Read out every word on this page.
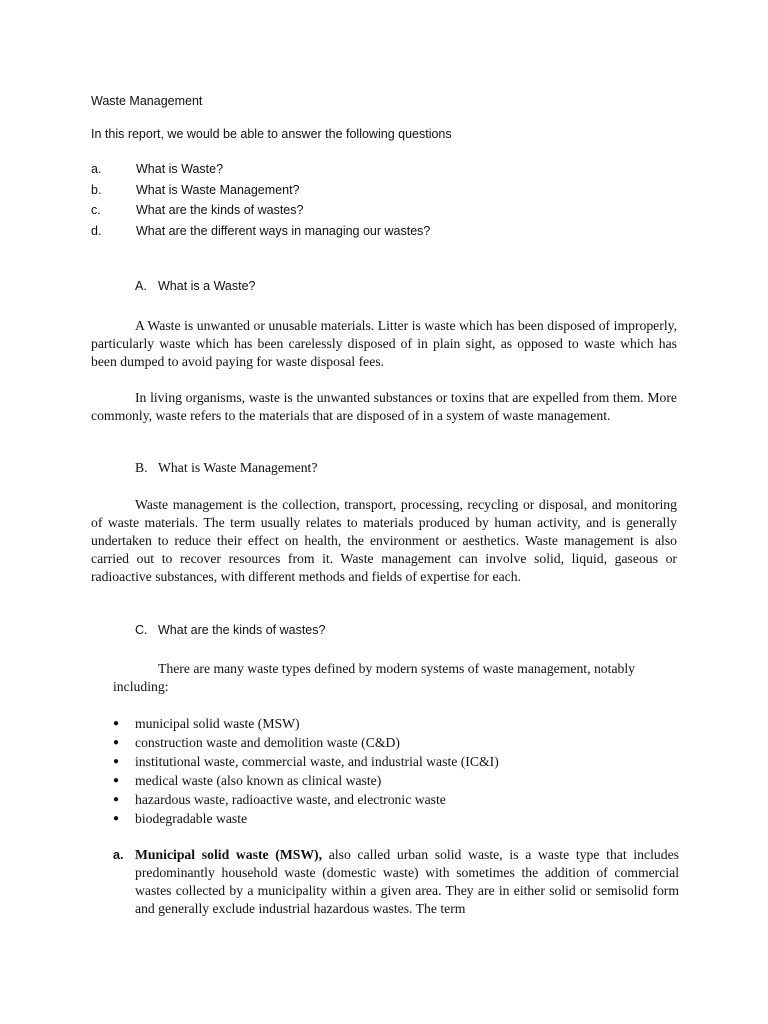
Waste Management
In this report, we would be able to answer the following questions
a.	What is Waste?
b.	What is Waste Management?
c.	What are the kinds of wastes?
d.	What are the different ways in managing our wastes?
A. What is a Waste?

A Waste is unwanted or unusable materials. Litter is waste which has been disposed of improperly, particularly waste which has been carelessly disposed of in plain sight, as opposed to waste which has been dumped to avoid paying for waste disposal fees.

In living organisms, waste is the unwanted substances or toxins that are expelled from them. More commonly, waste refers to the materials that are disposed of in a system of waste management.

B. What is Waste Management?

Waste management is the collection, transport, processing, recycling or disposal, and monitoring of waste materials. The term usually relates to materials produced by human activity, and is generally undertaken to reduce their effect on health, the environment or aesthetics. Waste management is also carried out to recover resources from it. Waste management can involve solid, liquid, gaseous or radioactive substances, with different methods and fields of expertise for each.

C. What are the kinds of wastes?

There are many waste types defined by modern systems of waste management, notably including:

● municipal solid waste (MSW)
● construction waste and demolition waste (C&D)
● institutional waste, commercial waste, and industrial waste (IC&I)
● medical waste (also known as clinical waste)
● hazardous waste, radioactive waste, and electronic waste
● biodegradable waste
a. Municipal solid waste (MSW), also called urban solid waste, is a waste type that includes predominantly household waste (domestic waste) with sometimes the addition of commercial wastes collected by a municipality within a given area. They are in either solid or semisolid form and generally exclude industrial hazardous wastes. The term
